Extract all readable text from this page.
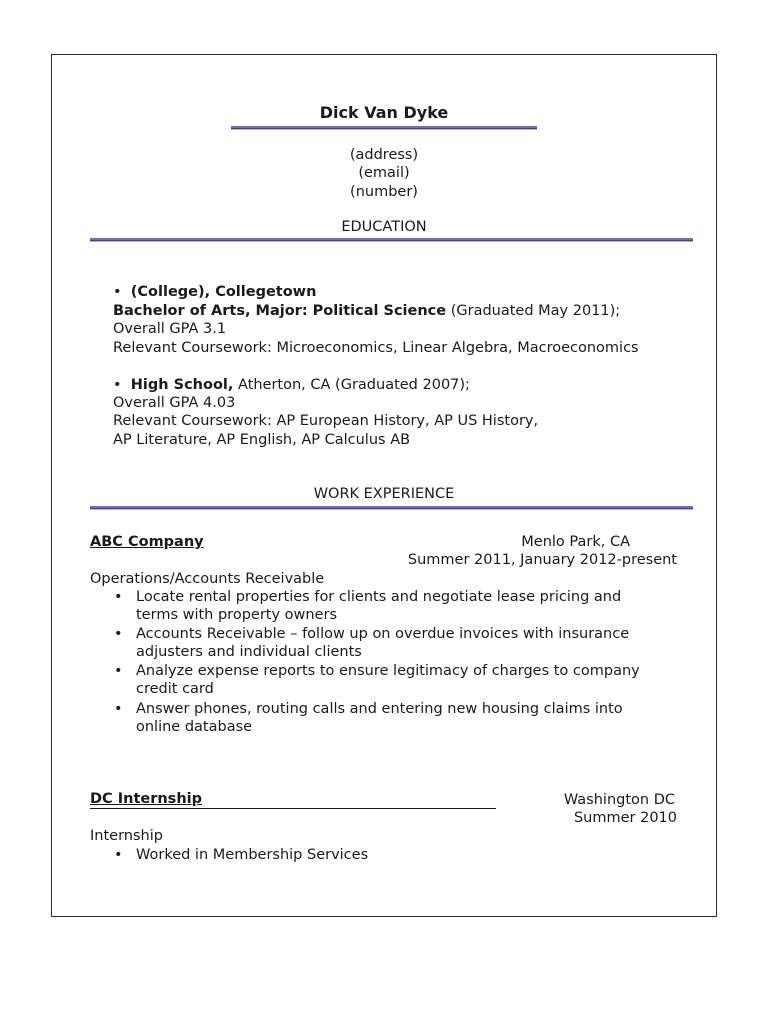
Dick Van Dyke
(address)
(email)
(number)
EDUCATION
• (College), Collegetown
Bachelor of Arts, Major: Political Science (Graduated May 2011);
Overall GPA 3.1
Relevant Coursework: Microeconomics, Linear Algebra, Macroeconomics
• High School, Atherton, CA (Graduated 2007);
Overall GPA 4.03
Relevant Coursework: AP European History, AP US History,
AP Literature, AP English, AP Calculus AB
WORK EXPERIENCE
ABC Company	Menlo Park, CA
Summer 2011, January 2012-present
Operations/Accounts Receivable
• Locate rental properties for clients and negotiate lease pricing and terms with property owners
• Accounts Receivable – follow up on overdue invoices with insurance adjusters and individual clients
• Analyze expense reports to ensure legitimacy of charges to company credit card
• Answer phones, routing calls and entering new housing claims into online database
DC Internship	Washington DC
Summer 2010
Internship
• Worked in Membership Services
